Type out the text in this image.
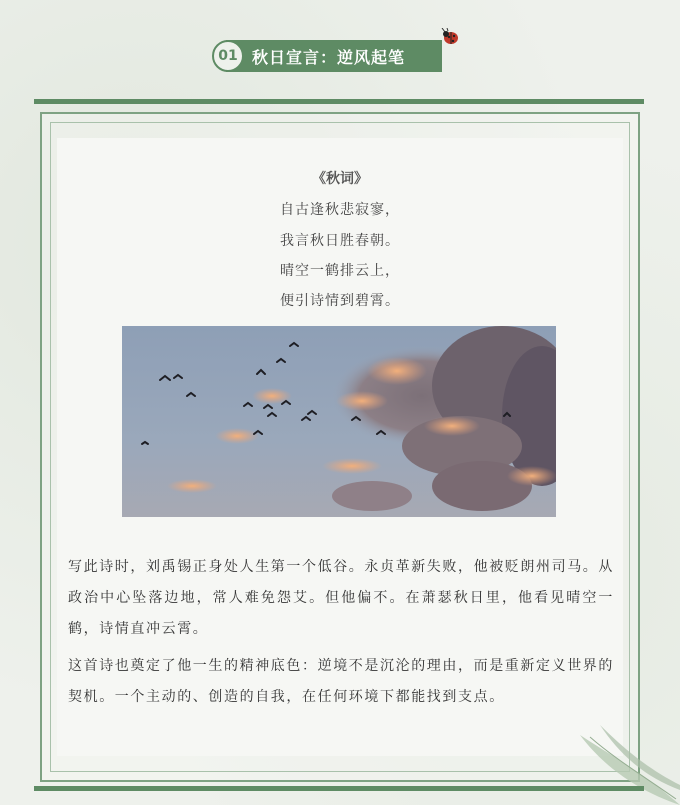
01 秋日宣言：逆风起笔
《秋词》
自古逢秋悲寂寥，
我言秋日胜春朝。
晴空一鹤排云上，
便引诗情到碧霄。
写此诗时，刘禹锡正身处人生第一个低谷。永贞革新失败，他被贬朗州司马。从政治中心坠落边地，常人难免怨艾。但他偏不。在萧瑟秋日里，他看见晴空一鹤，诗情直冲云霄。
这首诗也奠定了他一生的精神底色：逆境不是沉沦的理由，而是重新定义世界的契机。一个主动的、创造的自我，在任何环境下都能找到支点。
